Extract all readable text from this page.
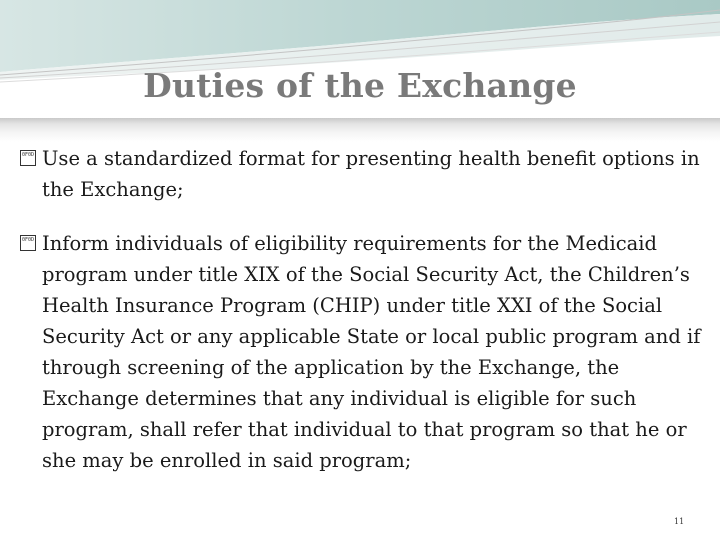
Duties of the Exchange

0F0D Use a standardized format for presenting health benefit options in the Exchange;

0F0D Inform individuals of eligibility requirements for the Medicaid program under title XIX of the Social Security Act, the Children’s Health Insurance Program (CHIP) under title XXI of the Social Security Act or any applicable State or local public program and if through screening of the application by the Exchange, the Exchange determines that any individual is eligible for such program, shall refer that individual to that program so that he or she may be enrolled in said program;

11
